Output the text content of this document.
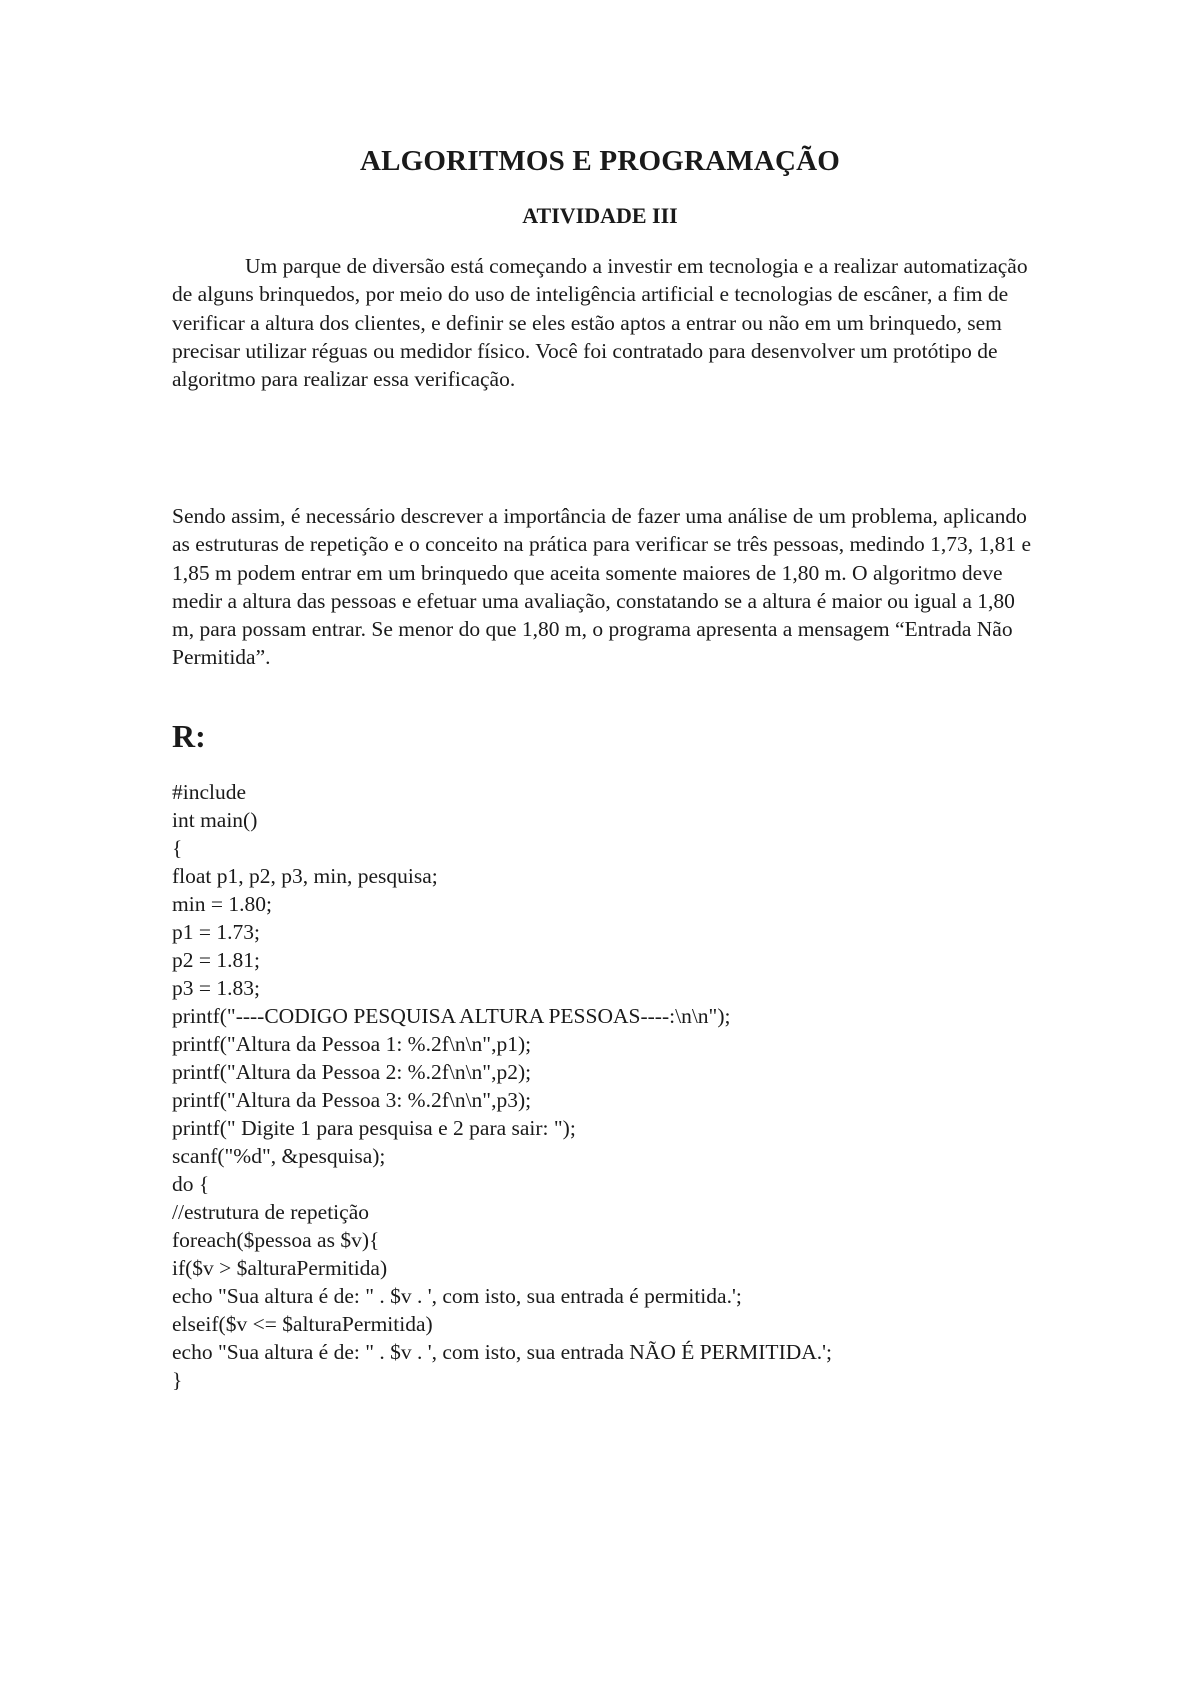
ALGORITMOS E PROGRAMAÇÃO
ATIVIDADE III

Um parque de diversão está começando a investir em tecnologia e a realizar automatização de alguns brinquedos, por meio do uso de inteligência artificial e tecnologias de escâner, a fim de verificar a altura dos clientes, e definir se eles estão aptos a entrar ou não em um brinquedo, sem precisar utilizar réguas ou medidor físico. Você foi contratado para desenvolver um protótipo de algoritmo para realizar essa verificação.

Sendo assim, é necessário descrever a importância de fazer uma análise de um problema, aplicando as estruturas de repetição e o conceito na prática para verificar se três pessoas, medindo 1,73, 1,81 e 1,85 m podem entrar em um brinquedo que aceita somente maiores de 1,80 m. O algoritmo deve medir a altura das pessoas e efetuar uma avaliação, constatando se a altura é maior ou igual a 1,80 m, para possam entrar. Se menor do que 1,80 m, o programa apresenta a mensagem “Entrada Não Permitida”.

R:
#include
int main()
{
float p1, p2, p3, min, pesquisa;
min = 1.80;
p1 = 1.73;
p2 = 1.81;
p3 = 1.83;
printf("----CODIGO PESQUISA ALTURA PESSOAS----:\n\n");
printf("Altura da Pessoa 1: %.2f\n\n",p1);
printf("Altura da Pessoa 2: %.2f\n\n",p2);
printf("Altura da Pessoa 3: %.2f\n\n",p3);
printf(" Digite 1 para pesquisa e 2 para sair: ");
scanf("%d", &pesquisa);
do {
//estrutura de repetição
foreach($pessoa as $v){
if($v > $alturaPermitida)
echo "Sua altura é de: " . $v . ', com isto, sua entrada é permitida.';
elseif($v <= $alturaPermitida)
echo "Sua altura é de: " . $v . ', com isto, sua entrada NÃO É PERMITIDA.';
}
